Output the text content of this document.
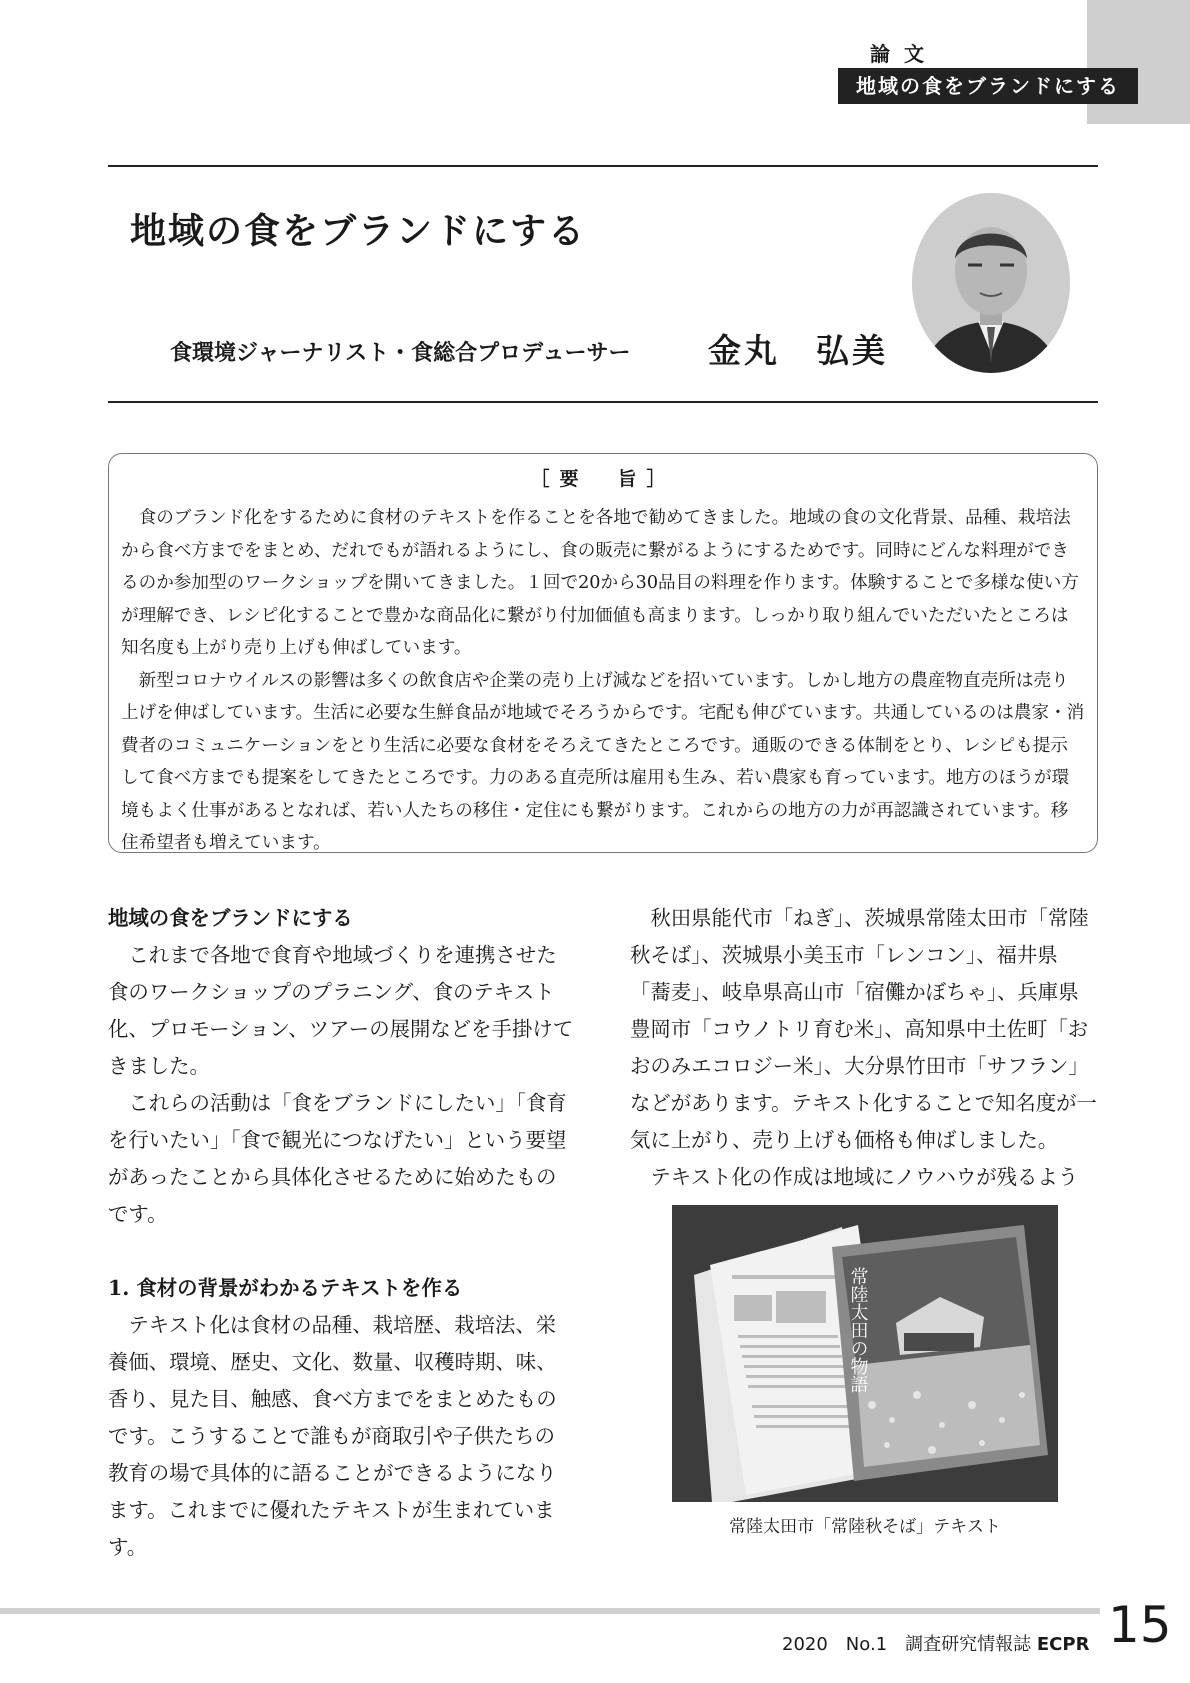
論文
地域の食をブランドにする
地域の食をブランドにする
食環境ジャーナリスト・食総合プロデューサー 金丸　弘美
［要　旨］

食のブランド化をするために食材のテキストを作ることを各地で勧めてきました。地域の食の文化背景、品種、栽培法から食べ方までをまとめ、だれでもが語れるようにし、食の販売に繋がるようにするためです。同時にどんな料理ができるのか参加型のワークショップを開いてきました。１回で20から30品目の料理を作ります。体験することで多様な使い方が理解でき、レシピ化することで豊かな商品化に繋がり付加価値も高まります。しっかり取り組んでいただいたところは知名度も上がり売り上げも伸ばしています。

新型コロナウイルスの影響は多くの飲食店や企業の売り上げ減などを招いています。しかし地方の農産物直売所は売り上げを伸ばしています。生活に必要な生鮮食品が地域でそろうからです。宅配も伸びています。共通しているのは農家・消費者のコミュニケーションをとり生活に必要な食材をそろえてきたところです。通販のできる体制をとり、レシピも提示して食べ方までも提案をしてきたところです。力のある直売所は雇用も生み、若い農家も育っています。地方のほうが環境もよく仕事があるとなれば、若い人たちの移住・定住にも繋がります。これからの地方の力が再認識されています。移住希望者も増えています。

地域の食をブランドにする

これまで各地で食育や地域づくりを連携させた食のワークショップのプラニング、食のテキスト化、プロモーション、ツアーの展開などを手掛けてきました。

これらの活動は「食をブランドにしたい」「食育を行いたい」「食で観光につなげたい」という要望があったことから具体化させるために始めたものです。

1. 食材の背景がわかるテキストを作る

テキスト化は食材の品種、栽培歴、栽培法、栄養価、環境、歴史、文化、数量、収穫時期、味、香り、見た目、触感、食べ方までをまとめたものです。こうすることで誰もが商取引や子供たちの教育の場で具体的に語ることができるようになります。これまでに優れたテキストが生まれています。

秋田県能代市「ねぎ」、茨城県常陸太田市「常陸秋そば」、茨城県小美玉市「レンコン」、福井県「蕎麦」、岐阜県高山市「宿儺かぼちゃ」、兵庫県豊岡市「コウノトリ育む米」、高知県中土佐町「おおのみエコロジー米」、大分県竹田市「サフラン」などがあります。テキスト化することで知名度が一気に上がり、売り上げも価格も伸ばしました。

テキスト化の作成は地域にノウハウが残るよう

常陸太田の物語
常陸太田市「常陸秋そば」テキスト
2020　No.1　調査研究情報誌 ECPR 15
